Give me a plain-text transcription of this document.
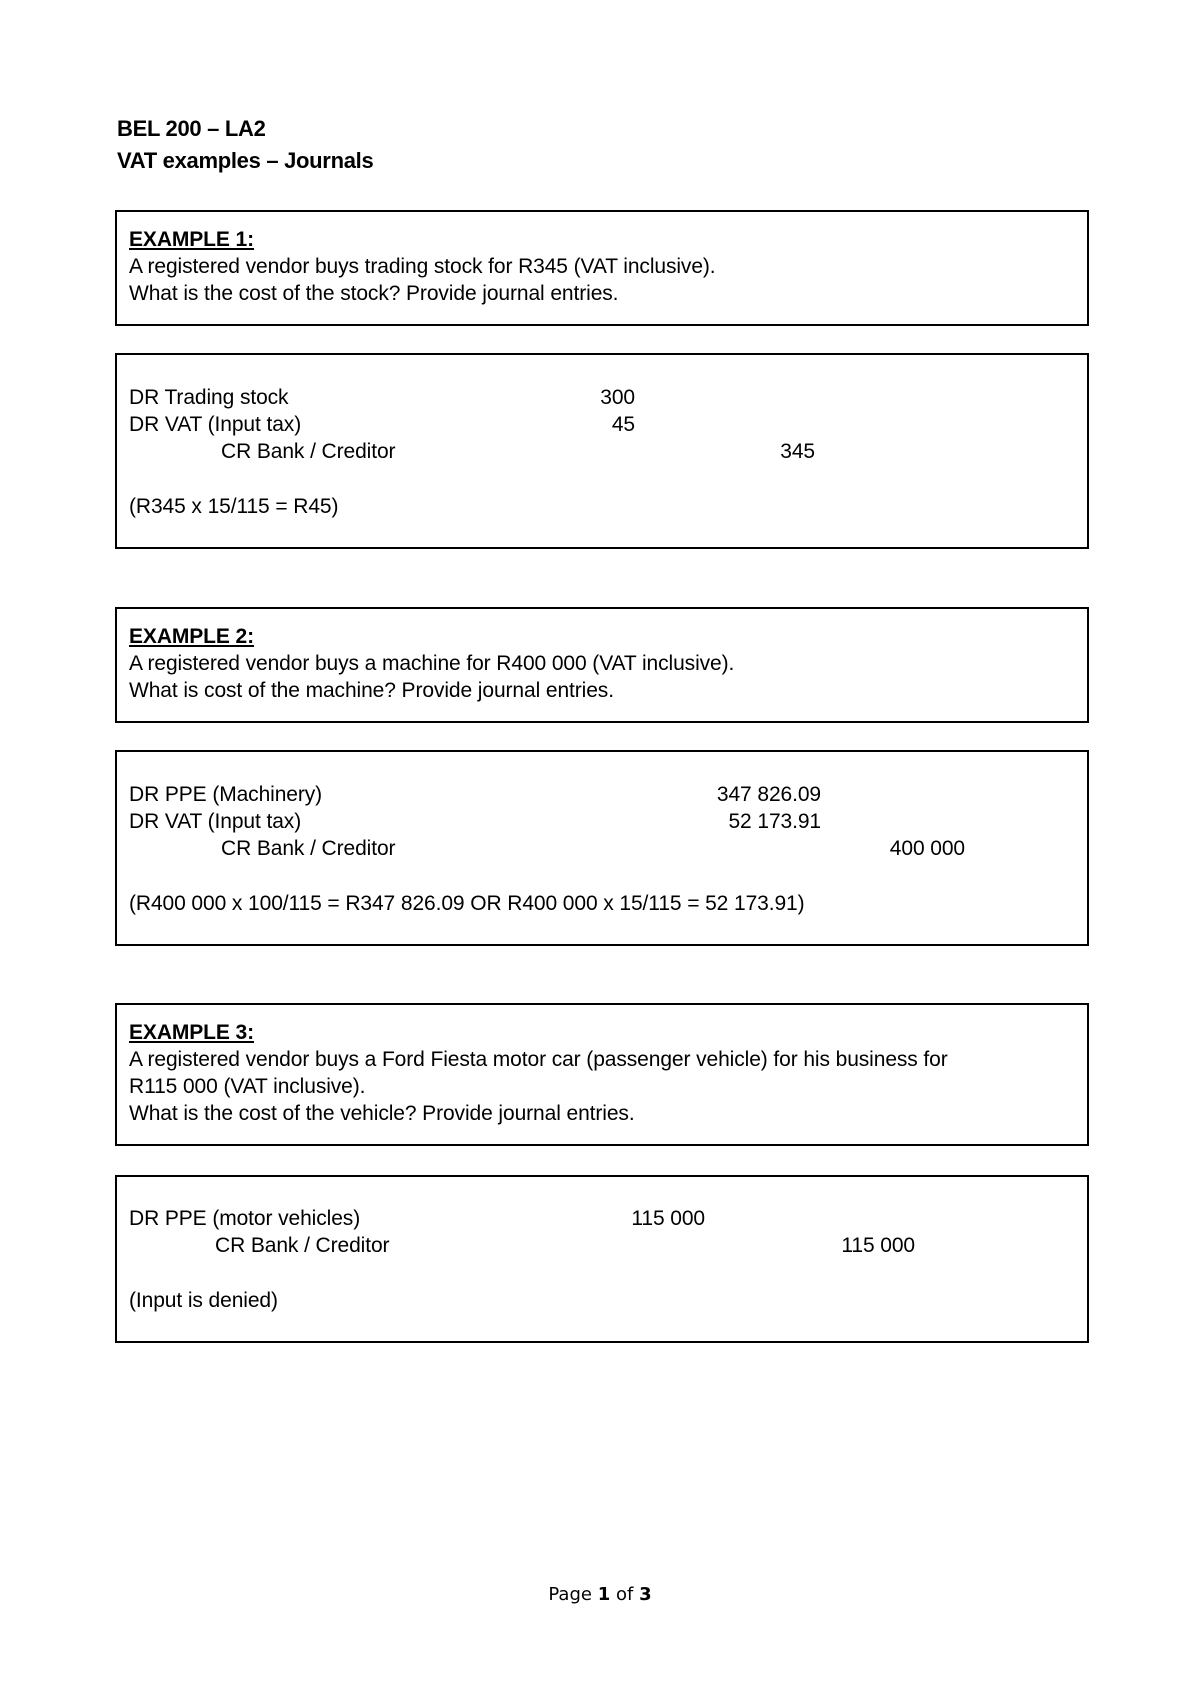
BEL 200 – LA2
VAT examples – Journals
EXAMPLE 1:
A registered vendor buys trading stock for R345 (VAT inclusive).
What is the cost of the stock? Provide journal entries.
DR Trading stock	300
DR VAT (Input tax)	45
CR Bank / Creditor	345
(R345 x 15/115 = R45)
EXAMPLE 2:
A registered vendor buys a machine for R400 000 (VAT inclusive).
What is cost of the machine? Provide journal entries.
DR PPE (Machinery)	347 826.09
DR VAT (Input tax)	52 173.91
CR Bank / Creditor	400 000
(R400 000 x 100/115 = R347 826.09 OR R400 000 x 15/115 = 52 173.91)
EXAMPLE 3:
A registered vendor buys a Ford Fiesta motor car (passenger vehicle) for his business for
R115 000 (VAT inclusive).
What is the cost of the vehicle? Provide journal entries.
DR PPE (motor vehicles)	115 000
CR Bank / Creditor	115 000
(Input is denied)
Page 1 of 3
